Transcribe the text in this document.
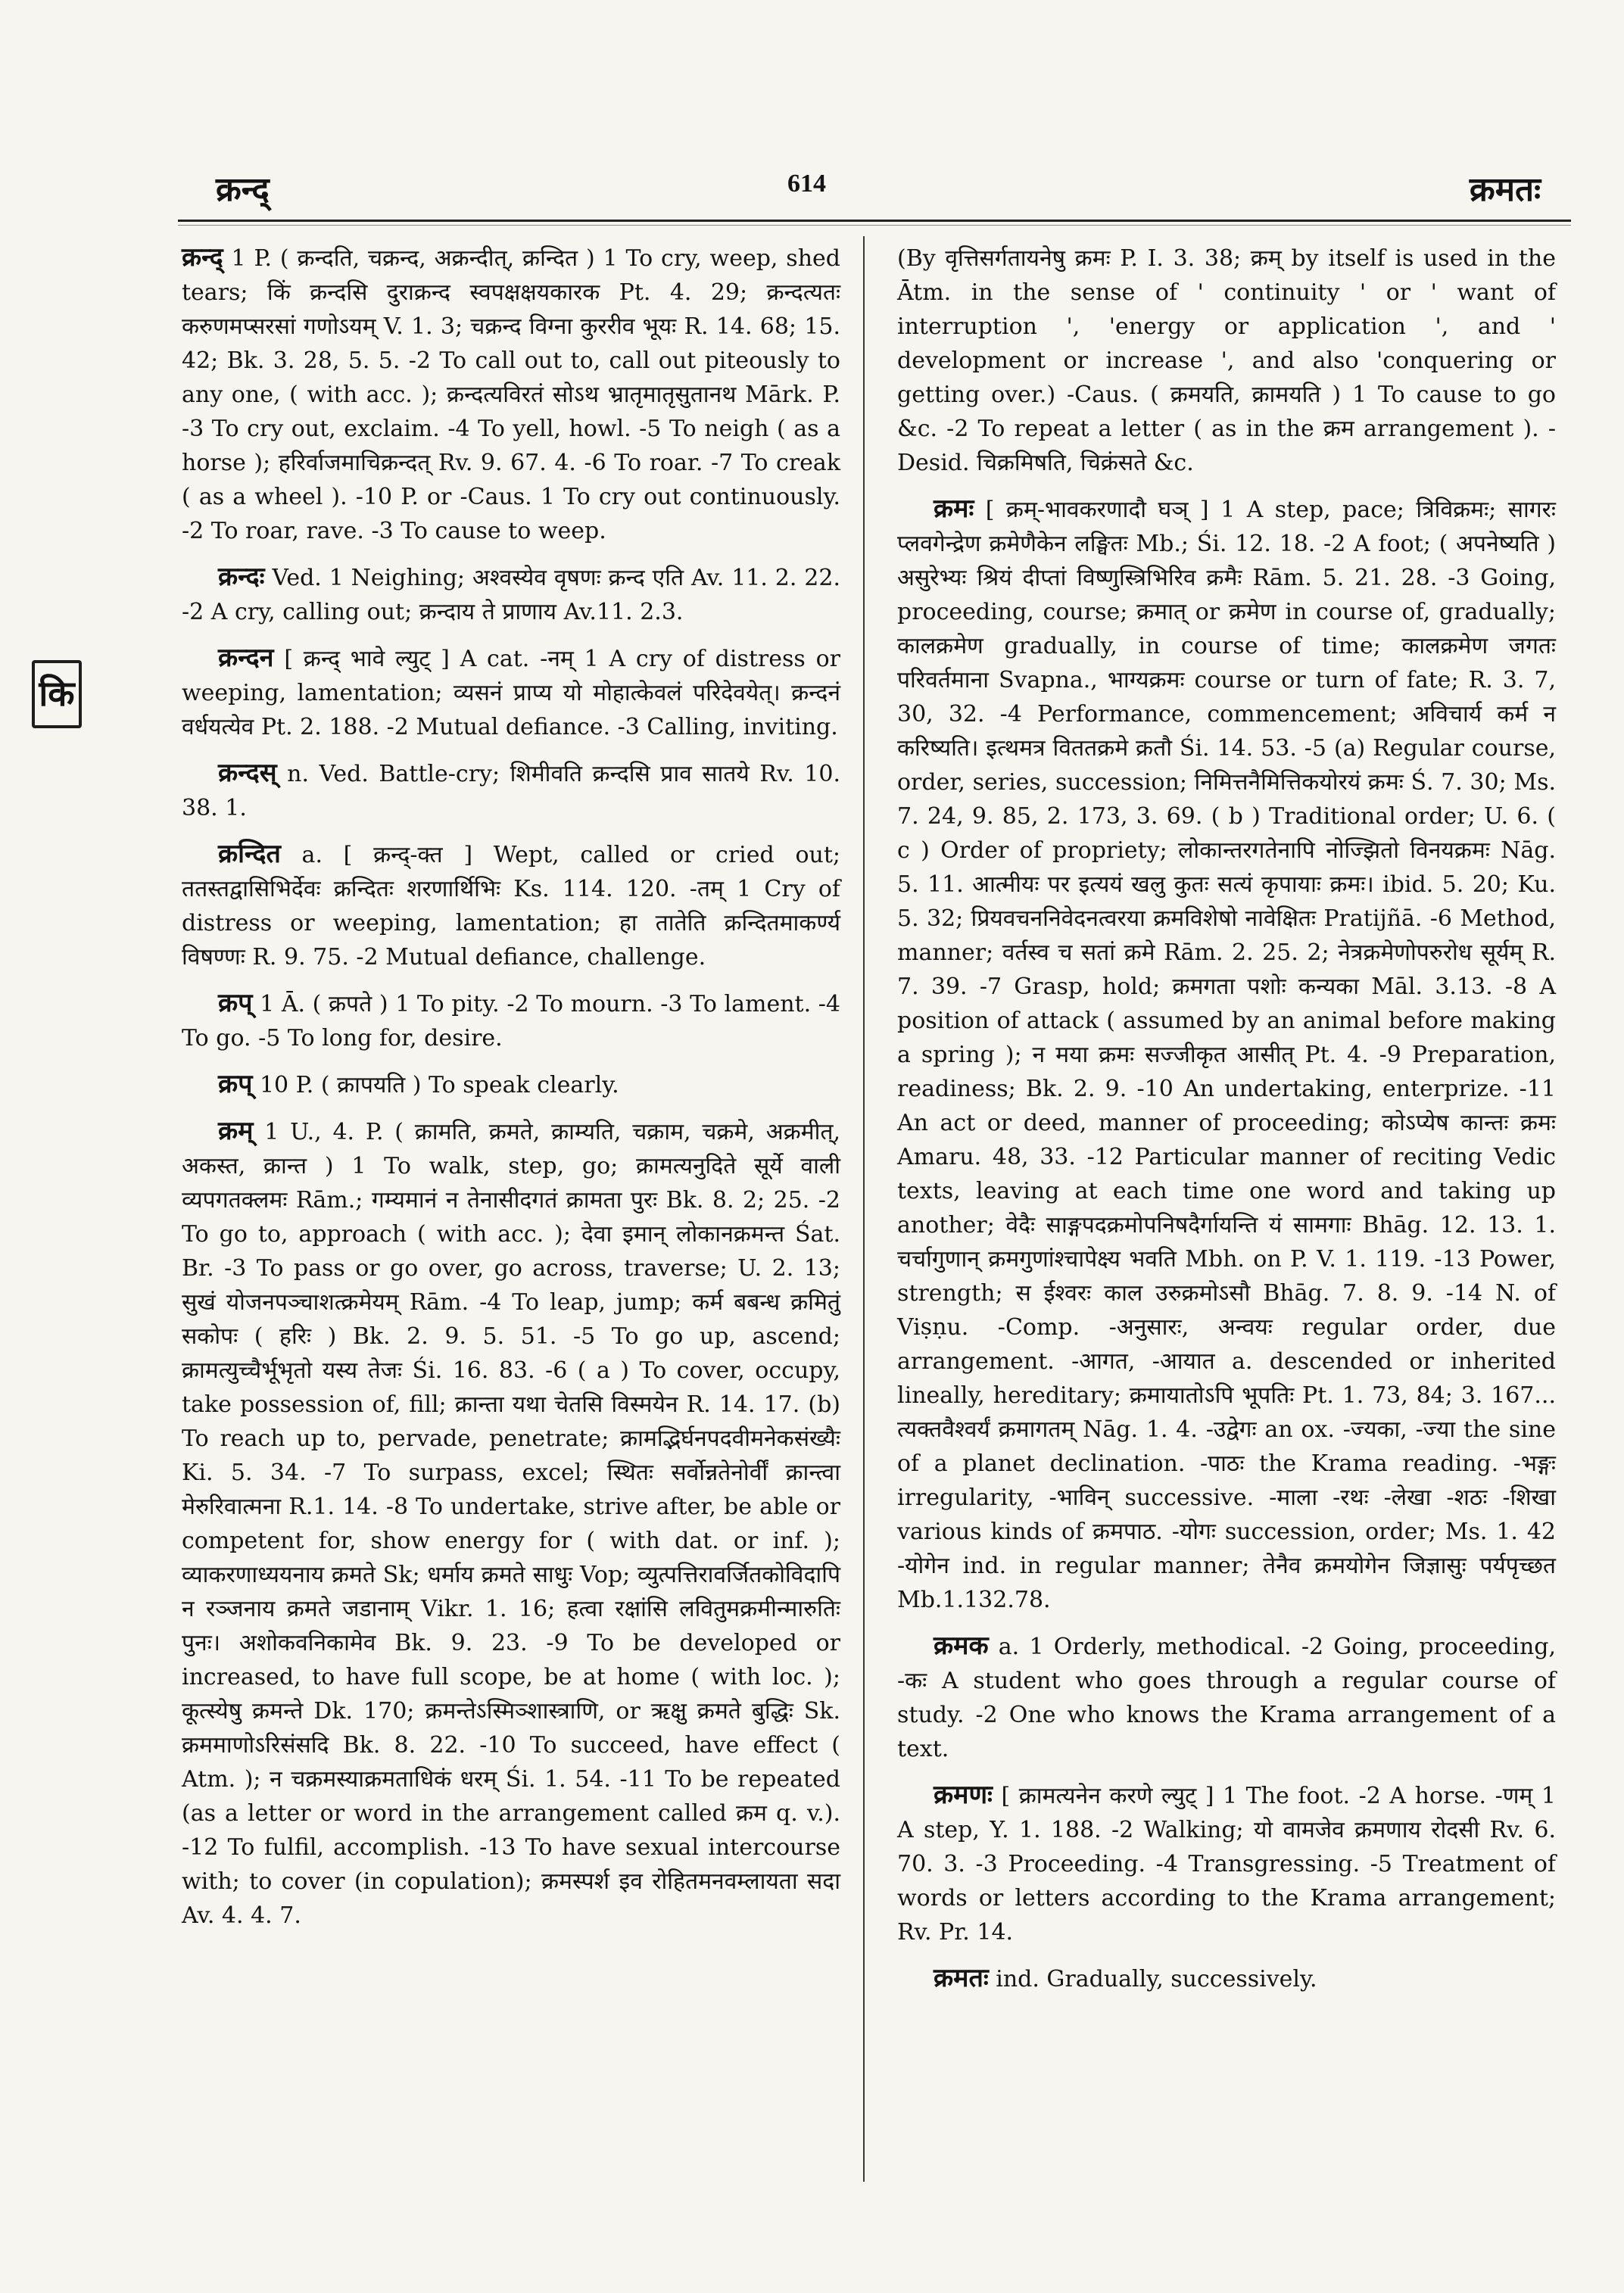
क्रन्द्	614	क्रमतः
कि

क्रन्द् 1 P. ( क्रन्दति, चक्रन्द, अक्रन्दीत्, क्रन्दित ) 1 To cry, weep, shed tears; किं क्रन्दसि दुराक्रन्द स्वपक्षक्षयकारक Pt. 4. 29; क्रन्दत्यतः करुणमप्सरसां गणोऽयम् V. 1. 3; चक्रन्द विग्ना कुररीव भूयः R. 14. 68; 15. 42; Bk. 3. 28, 5. 5. -2 To call out to, call out piteously to any one, ( with acc. ); क्रन्दत्यविरतं सोऽथ भ्रातृमातृसुतानथ Mārk. P. -3 To cry out, exclaim. -4 To yell, howl. -5 To neigh ( as a horse ); हरिर्वाजमाचिक्रन्दत् Rv. 9. 67. 4. -6 To roar. -7 To creak ( as a wheel ). -10 P. or -Caus. 1 To cry out continuously. -2 To roar, rave. -3 To cause to weep.

क्रन्दः Ved. 1 Neighing; अश्वस्येव वृषणः क्रन्द एति Av. 11. 2. 22. -2 A cry, calling out; क्रन्दाय ते प्राणाय Av.11. 2.3.

क्रन्दन [ क्रन्द् भावे ल्युट् ] A cat. -नम् 1 A cry of distress or weeping, lamentation; व्यसनं प्राप्य यो मोहात्केवलं परिदेवयेत्। क्रन्दनं वर्धयत्येव Pt. 2. 188. -2 Mutual defiance. -3 Calling, inviting.

क्रन्दस् n. Ved. Battle-cry; शिमीवति क्रन्दसि प्राव सातये Rv. 10. 38. 1.

क्रन्दित a. [ क्रन्द्-क्त ] Wept, called or cried out; ततस्तद्वासिभिर्देवः क्रन्दितः शरणार्थिभिः Ks. 114. 120. -तम् 1 Cry of distress or weeping, lamentation; हा तातेति क्रन्दितमाकर्ण्य विषण्णः R. 9. 75. -2 Mutual defiance, challenge.

क्रप् 1 Ā. ( क्रपते ) 1 To pity. -2 To mourn. -3 To lament. -4 To go. -5 To long for, desire.

क्रप् 10 P. ( क्रापयति ) To speak clearly.

क्रम् 1 U., 4. P. ( क्रामति, क्रमते, क्राम्यति, चक्राम, चक्रमे, अक्रमीत्, अकस्त, क्रान्त ) 1 To walk, step, go; क्रामत्यनुदिते सूर्ये वाली व्यपगतक्लमः Rām.; गम्यमानं न तेनासीदगतं क्रामता पुरः Bk. 8. 2; 25. -2 To go to, approach ( with acc. ); देवा इमान् लोकानक्रमन्त Śat. Br. -3 To pass or go over, go across, traverse; U. 2. 13; सुखं योजनपञ्चाशत्क्रमेयम् Rām. -4 To leap, jump; कर्म बबन्ध क्रमितुं सकोपः ( हरिः ) Bk. 2. 9. 5. 51. -5 To go up, ascend; क्रामत्युच्चैर्भूभृतो यस्य तेजः Śi. 16. 83. -6 ( a ) To cover, occupy, take possession of, fill; क्रान्ता यथा चेतसि विस्मयेन R. 14. 17. (b) To reach up to, pervade, penetrate; क्रामद्भिर्घनपदवीमनेकसंख्यैः Ki. 5. 34. -7 To surpass, excel; स्थितः सर्वोन्नतेनोर्वीं क्रान्त्वा मेरुरिवात्मना R.1. 14. -8 To undertake, strive after, be able or competent for, show energy for ( with dat. or inf. ); व्याकरणाध्ययनाय क्रमते Sk; धर्माय क्रमते साधुः Vop; व्युत्पत्तिरावर्जितकोविदापि न रञ्जनाय क्रमते जडानाम् Vikr. 1. 16; हत्वा रक्षांसि लवितुमक्रमीन्मारुतिः पुनः। अशोकवनिकामेव Bk. 9. 23. -9 To be developed or increased, to have full scope, be at home ( with loc. ); कूत्स्येषु क्रमन्ते Dk. 170; क्रमन्तेऽस्मिञ्शास्त्राणि, or ऋक्षु क्रमते बुद्धिः Sk. क्रममाणोऽरिसंसदि Bk. 8. 22. -10 To succeed, have effect ( Atm. ); न चक्रमस्याक्रमताधिकं धरम् Śi. 1. 54. -11 To be repeated (as a letter or word in the arrangement called क्रम q. v.). -12 To fulfil, accomplish. -13 To have sexual intercourse with; to cover (in copulation); क्रमस्पर्श इव रोहितमनवम्लायता सदा Av. 4. 4. 7.

(By वृत्तिसर्गतायनेषु क्रमः P. I. 3. 38; क्रम् by itself is used in the Ātm. in the sense of ' continuity ' or ' want of interruption ', 'energy or application ', and ' development or increase ', and also 'conquering or getting over.) -Caus. ( क्रमयति, क्रामयति ) 1 To cause to go &c. -2 To repeat a letter ( as in the क्रम arrangement ). -Desid. चिक्रमिषति, चिक्रंसते &c.

क्रमः [ क्रम्-भावकरणादौ घञ् ] 1 A step, pace; त्रिविक्रमः; सागरः प्लवगेन्द्रेण क्रमेणैकेन लङ्घितः Mb.; Śi. 12. 18. -2 A foot; ( अपनेष्यति ) असुरेभ्यः श्रियं दीप्तां विष्णुस्त्रिभिरिव क्रमैः Rām. 5. 21. 28. -3 Going, proceeding, course; क्रमात् or क्रमेण in course of, gradually; कालक्रमेण gradually, in course of time; कालक्रमेण जगतः परिवर्तमाना Svapna., भाग्यक्रमः course or turn of fate; R. 3. 7, 30, 32. -4 Performance, commencement; अविचार्य कर्म न करिष्यति। इत्थमत्र विततक्रमे क्रतौ Śi. 14. 53. -5 (a) Regular course, order, series, succession; निमित्तनैमित्तिकयोरयं क्रमः Ś. 7. 30; Ms. 7. 24, 9. 85, 2. 173, 3. 69. ( b ) Traditional order; U. 6. ( c ) Order of propriety; लोकान्तरगतेनापि नोज्झितो विनयक्रमः Nāg. 5. 11. आत्मीयः पर इत्ययं खलु कुतः सत्यं कृपायाः क्रमः। ibid. 5. 20; Ku. 5. 32; प्रियवचननिवेदनत्वरया क्रमविशेषो नावेक्षितः Pratijñā. -6 Method, manner; वर्तस्व च सतां क्रमे Rām. 2. 25. 2; नेत्रक्रमेणोपरुरोध सूर्यम् R. 7. 39. -7 Grasp, hold; क्रमगता पशोः कन्यका Māl. 3.13. -8 A position of attack ( assumed by an animal before making a spring ); न मया क्रमः सज्जीकृत आसीत् Pt. 4. -9 Preparation, readiness; Bk. 2. 9. -10 An undertaking, enterprize. -11 An act or deed, manner of proceeding; कोऽप्येष कान्तः क्रमः Amaru. 48, 33. -12 Particular manner of reciting Vedic texts, leaving at each time one word and taking up another; वेदैः साङ्गपदक्रमोपनिषदैर्गायन्ति यं सामगाः Bhāg. 12. 13. 1. चर्चागुणान् क्रमगुणांश्चापेक्ष्य भवति Mbh. on P. V. 1. 119. -13 Power, strength; स ईश्वरः काल उरुक्रमोऽसौ Bhāg. 7. 8. 9. -14 N. of Viṣṇu. -Comp. -अनुसारः, अन्वयः regular order, due arrangement. -आगत, -आयात a. descended or inherited lineally, hereditary; क्रमायातोऽपि भूपतिः Pt. 1. 73, 84; 3. 167... त्यक्तवैश्वर्यं क्रमागतम् Nāg. 1. 4. -उद्वेगः an ox. -ज्यका, -ज्या the sine of a planet declination. -पाठः the Krama reading. -भङ्गः irregularity, -भाविन् successive. -माला -रथः -लेखा -शठः -शिखा various kinds of क्रमपाठ. -योगः succession, order; Ms. 1. 42 -योगेन ind. in regular manner; तेनैव क्रमयोगेन जिज्ञासुः पर्यपृच्छत Mb.1.132.78.

क्रमक a. 1 Orderly, methodical. -2 Going, proceeding, -कः A student who goes through a regular course of study. -2 One who knows the Krama arrangement of a text.

क्रमणः [ क्रामत्यनेन करणे ल्युट् ] 1 The foot. -2 A horse. -णम् 1 A step, Y. 1. 188. -2 Walking; यो वामजेव क्रमणाय रोदसी Rv. 6. 70. 3. -3 Proceeding. -4 Transgressing. -5 Treatment of words or letters according to the Krama arrangement; Rv. Pr. 14.

क्रमतः ind. Gradually, successively.
